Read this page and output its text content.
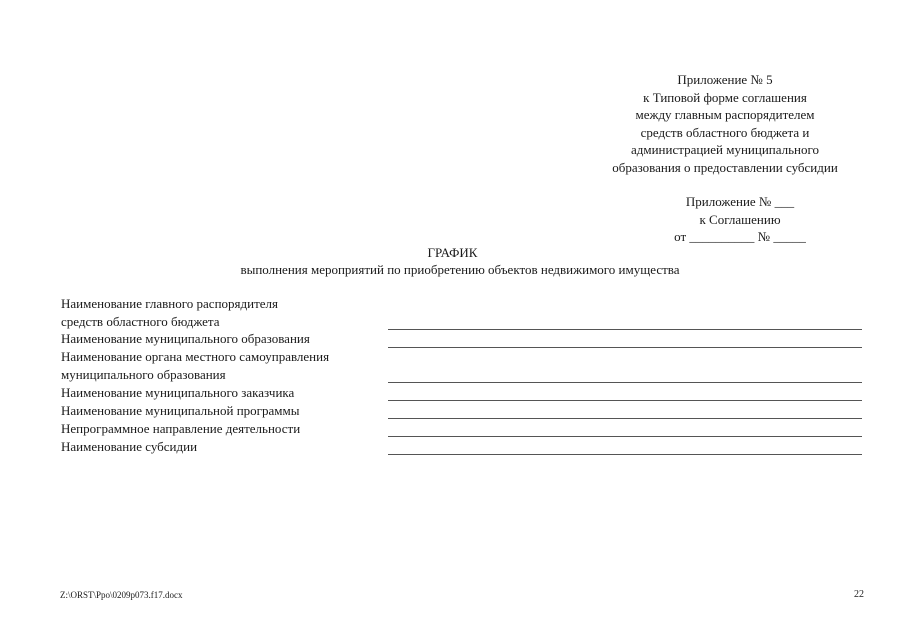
Приложение № 5
к Типовой форме соглашения
между главным распорядителем
средств областного бюджета и
администрацией муниципального
образования о предоставлении субсидии
Приложение № ___
к Соглашению
от __________ № _____
ГРАФИК
выполнения мероприятий по приобретению объектов недвижимого имущества
Наименование главного распорядителя
средств областного бюджета
Наименование муниципального образования
Наименование органа местного самоуправления
муниципального образования
Наименование муниципального заказчика
Наименование муниципальной программы
Непрограммное направление деятельности
Наименование субсидии
Z:\ORST\Ppo\0209p073.f17.docx	22
